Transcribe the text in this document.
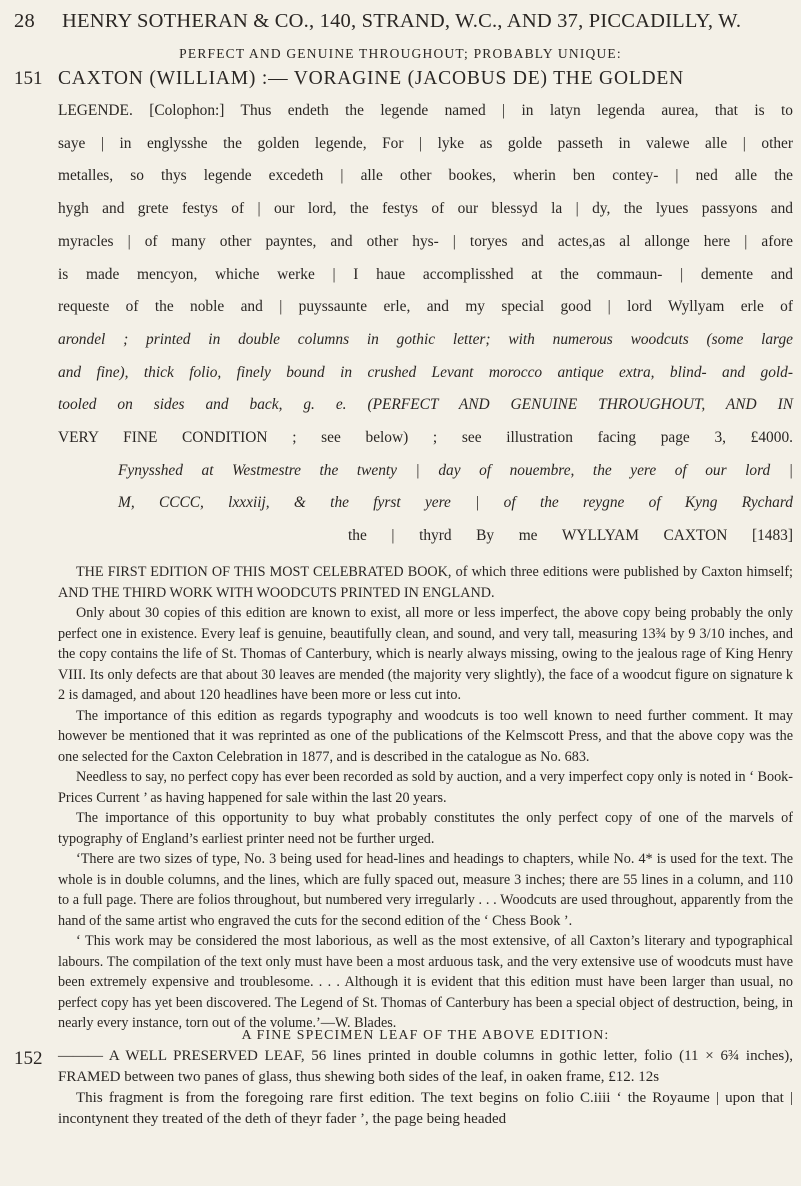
28 HENRY SOTHERAN & CO., 140, STRAND, W.C., AND 37, PICCADILLY, W.
PERFECT AND GENUINE THROUGHOUT; PROBABLY UNIQUE:
151 CAXTON (WILLIAM) :— VORAGINE (JACOBUS DE) THE GOLDEN
LEGENDE. [Colophon:] Thus endeth the legende named | in latyn legenda aurea, that is to
saye | in englysshe the golden legende, For | lyke as golde passeth in valewe alle | other
metalles, so thys legende excedeth | alle other bookes, wherin ben contey- | ned alle the
hygh and grete festys of | our lord, the festys of our blessyd la | dy, the lyues passyons and
myracles | of many other payntes, and other hys- | toryes and actes,as al allonge here | afore
is made mencyon, whiche werke | I haue accomplisshed at the commaun- | demente and
requeste of the noble and | puyssaunte erle, and my special good | lord Wyllyam erle of
arondel ; printed in double columns in gothic letter; with numerous woodcuts (some large
and fine), thick folio, finely bound in crushed Levant morocco antique extra, blind- and gold-
tooled on sides and back, g. e. (PERFECT AND GENUINE THROUGHOUT, AND IN
VERY FINE CONDITION ; see below) ; see illustration facing page 3, £4000.
Fynysshed at Westmestre the twenty | day of nouembre, the yere of our lord |
M, CCCC, lxxxiij, & the fyrst yere | of the reygne of Kyng Rychard
the | thyrd By me WYLLYAM CAXTON [1483]
THE FIRST EDITION OF THIS MOST CELEBRATED BOOK, of which three editions were published by Caxton himself; AND THE THIRD WORK WITH WOODCUTS PRINTED IN ENGLAND.
Only about 30 copies of this edition are known to exist, all more or less imperfect, the above copy being probably the only perfect one in existence. Every leaf is genuine, beautifully clean, and sound, and very tall, measuring 13¾ by 9 3/10 inches, and the copy contains the life of St. Thomas of Canterbury, which is nearly always missing, owing to the jealous rage of King Henry VIII. Its only defects are that about 30 leaves are mended (the majority very slightly), the face of a woodcut figure on signature k 2 is damaged, and about 120 headlines have been more or less cut into.
The importance of this edition as regards typography and woodcuts is too well known to need further comment. It may however be mentioned that it was reprinted as one of the publications of the Kelmscott Press, and that the above copy was the one selected for the Caxton Celebration in 1877, and is described in the catalogue as No. 683.
Needless to say, no perfect copy has ever been recorded as sold by auction, and a very imperfect copy only is noted in ‘ Book-Prices Current ’ as having happened for sale within the last 20 years.
The importance of this opportunity to buy what probably constitutes the only perfect copy of one of the marvels of typography of England’s earliest printer need not be further urged.
‘There are two sizes of type, No. 3 being used for head-lines and headings to chapters, while No. 4* is used for the text. The whole is in double columns, and the lines, which are fully spaced out, measure 3 inches; there are 55 lines in a column, and 110 to a full page. There are folios throughout, but numbered very irregularly . . . Woodcuts are used throughout, apparently from the hand of the same artist who engraved the cuts for the second edition of the ‘ Chess Book ’.
‘ This work may be considered the most laborious, as well as the most extensive, of all Caxton’s literary and typographical labours. The compilation of the text only must have been a most arduous task, and the very extensive use of woodcuts must have been extremely expensive and troublesome. . . . Although it is evident that this edition must have been larger than usual, no perfect copy has yet been discovered. The Legend of St. Thomas of Canterbury has been a special object of destruction, being, in nearly every instance, torn out of the volume.’—W. Blades.
A FINE SPECIMEN LEAF OF THE ABOVE EDITION:
152 ——— A WELL PRESERVED LEAF, 56 lines printed in double columns in gothic letter, folio (11 × 6¾ inches), FRAMED between two panes of glass, thus shewing both sides of the leaf, in oaken frame, £12. 12s
This fragment is from the foregoing rare first edition. The text begins on folio C.iiii ‘ the Royaume | upon that | incontynent they treated of the deth of theyr fader ’, the page being headed
